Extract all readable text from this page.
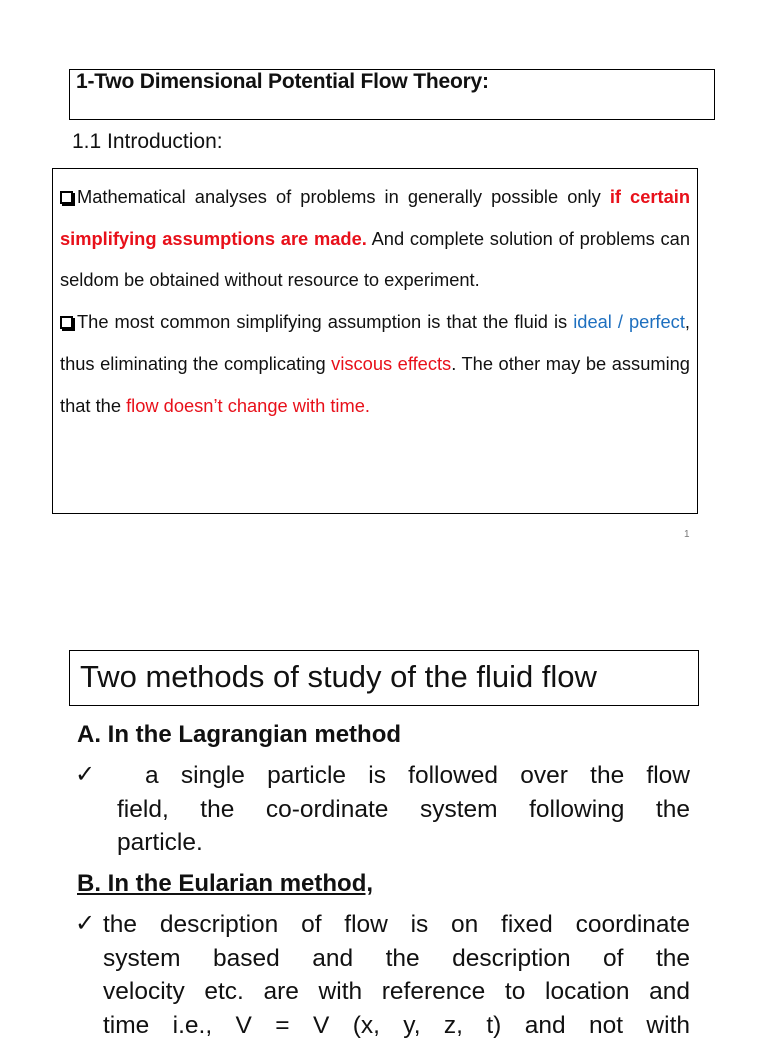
1-Two Dimensional Potential Flow Theory:
1.1 Introduction:

Mathematical analyses of problems in generally possible only if certain simplifying assumptions are made. And complete solution of problems can seldom be obtained without resource to experiment.

The most common simplifying assumption is that the fluid is ideal / perfect, thus eliminating the complicating viscous effects. The other may be assuming that the flow doesn’t change with time.

1
Two methods of study of the fluid flow
A. In the Lagrangian method
✓	a single particle is followed over the flow
field, the co-ordinate system following the
particle.
B. In the Eularian method,
✓ the description of flow is on fixed coordinate
system based and the description of the
velocity etc. are with reference to location and
time i.e., V = V (x, y, z, t) and not with
